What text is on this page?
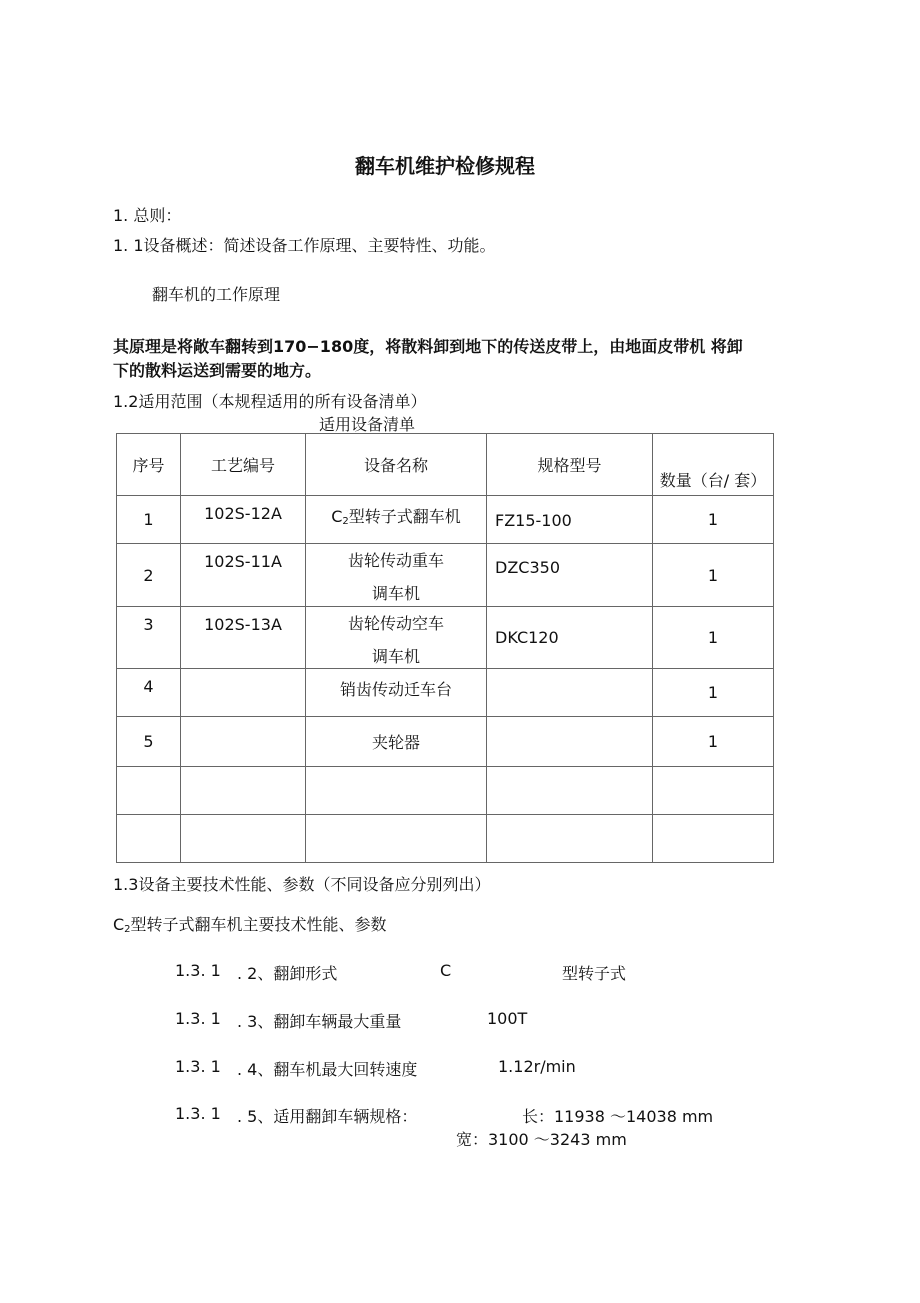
翻车机维护检修规程
1. 总则：
1. 1设备概述：简述设备工作原理、主要特性、功能。
翻车机的工作原理
其原理是将敞车翻转到170−180度，将散料卸到地下的传送皮带上，由地面皮带机 将卸
下的散料运送到需要的地方。
1.2适用范围（本规程适用的所有设备清单）
适用设备清单
序号	工艺编号	设备名称	规格型号	数量（台/ 套）
1	102S-12A	$C_2$型转子式翻车机	FZ15-100	1
2	102S-11A	齿轮传动重车调车机	DZC350	1
3	102S-13A	齿轮传动空车调车机	DKC120	1
4		销齿传动迁车台		1
5		夹轮器		1

1.3设备主要技术性能、参数（不同设备应分别列出）
$C_2$型转子式翻车机主要技术性能、参数
1.3. 1 . 2、翻卸形式	C	型转子式
1.3. 1 . 3、翻卸车辆最大重量	100T
1.3. 1 . 4、翻车机最大回转速度	1.12r/min
1.3. 1 . 5、适用翻卸车辆规格：	长：11938 ～14038 mm
宽：3100 ～3243 mm
